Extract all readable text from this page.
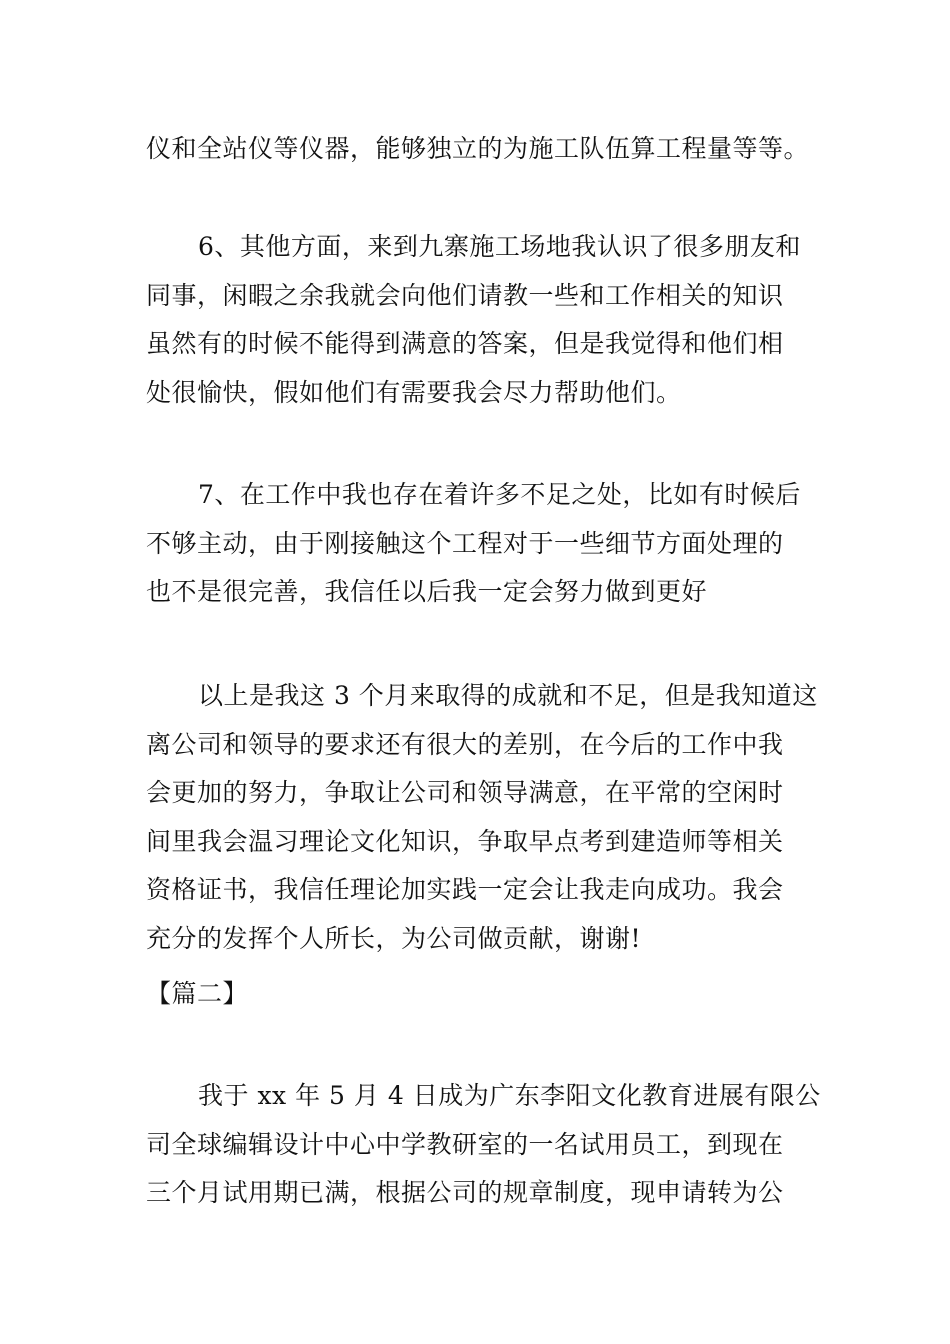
仪和全站仪等仪器，能够独立的为施工队伍算工程量等等。
6、其他方面，来到九寨施工场地我认识了很多朋友和
同事，闲暇之余我就会向他们请教一些和工作相关的知识
虽然有的时候不能得到满意的答案，但是我觉得和他们相
处很愉快，假如他们有需要我会尽力帮助他们。
7、在工作中我也存在着许多不足之处，比如有时候后
不够主动，由于刚接触这个工程对于一些细节方面处理的
也不是很完善，我信任以后我一定会努力做到更好
以上是我这 3 个月来取得的成就和不足，但是我知道这
离公司和领导的要求还有很大的差别，在今后的工作中我
会更加的努力，争取让公司和领导满意，在平常的空闲时
间里我会温习理论文化知识，争取早点考到建造师等相关
资格证书，我信任理论加实践一定会让我走向成功。我会
充分的发挥个人所长，为公司做贡献，谢谢!
【篇二】
我于 xx 年 5 月 4 日成为广东李阳文化教育进展有限公
司全球编辑设计中心中学教研室的一名试用员工，到现在
三个月试用期已满，根据公司的规章制度，现申请转为公
